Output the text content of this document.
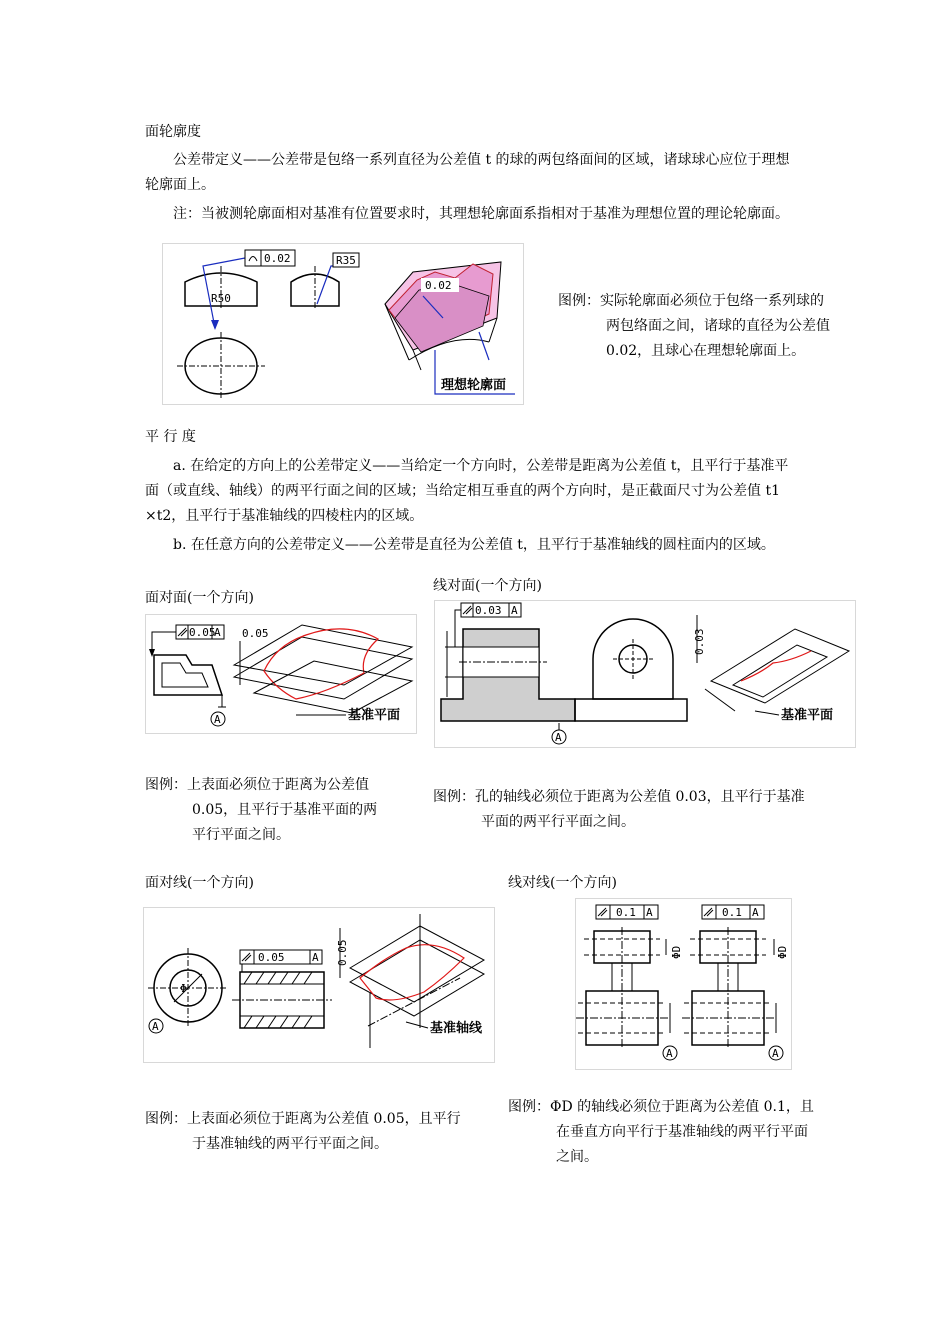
面轮廓度
公差带定义——公差带是包络一系列直径为公差值 t 的球的两包络面间的区域，诸球球心应位于理想
轮廓面上。
注：当被测轮廓面相对基准有位置要求时，其理想轮廓面系指相对于基准为理想位置的理论轮廓面。
R50
0.02	R35
0.02
理想轮廓面
图例：实际轮廓面必须位于包络一系列球的
两包络面之间，诸球的直径为公差值
0.02，且球心在理想轮廓面上。
平 行 度
a. 在给定的方向上的公差带定义——当给定一个方向时，公差带是距离为公差值 t，且平行于基准平
面（或直线、轴线）的两平行面之间的区域；当给定相互垂直的两个方向时，是正截面尺寸为公差值 t1
×t2，且平行于基准轴线的四棱柱内的区域。
b. 在任意方向的公差带定义——公差带是直径为公差值 t，且平行于基准轴线的圆柱面内的区域。
面对面(一个方向)
0.05
A
A
0.05
基准平面
图例：上表面必须位于距离为公差值
0.05，且平行于基准平面的两
平行平面之间。
线对面(一个方向)
0.03 A
A
0.03
基准平面
图例：孔的轴线必须位于距离为公差值 0.03，且平行于基准
平面的两平行平面之间。
面对线(一个方向)
Φ
A
0.05	A 0.05
基准轴线
图例：上表面必须位于距离为公差值 0.05，且平行
于基准轴线的两平行平面之间。
线对线(一个方向)
0.1 A
ΦD
A
0.1 A
ΦD
A
图例：ΦD 的轴线必须位于距离为公差值 0.1，且
在垂直方向平行于基准轴线的两平行平面
之间。
